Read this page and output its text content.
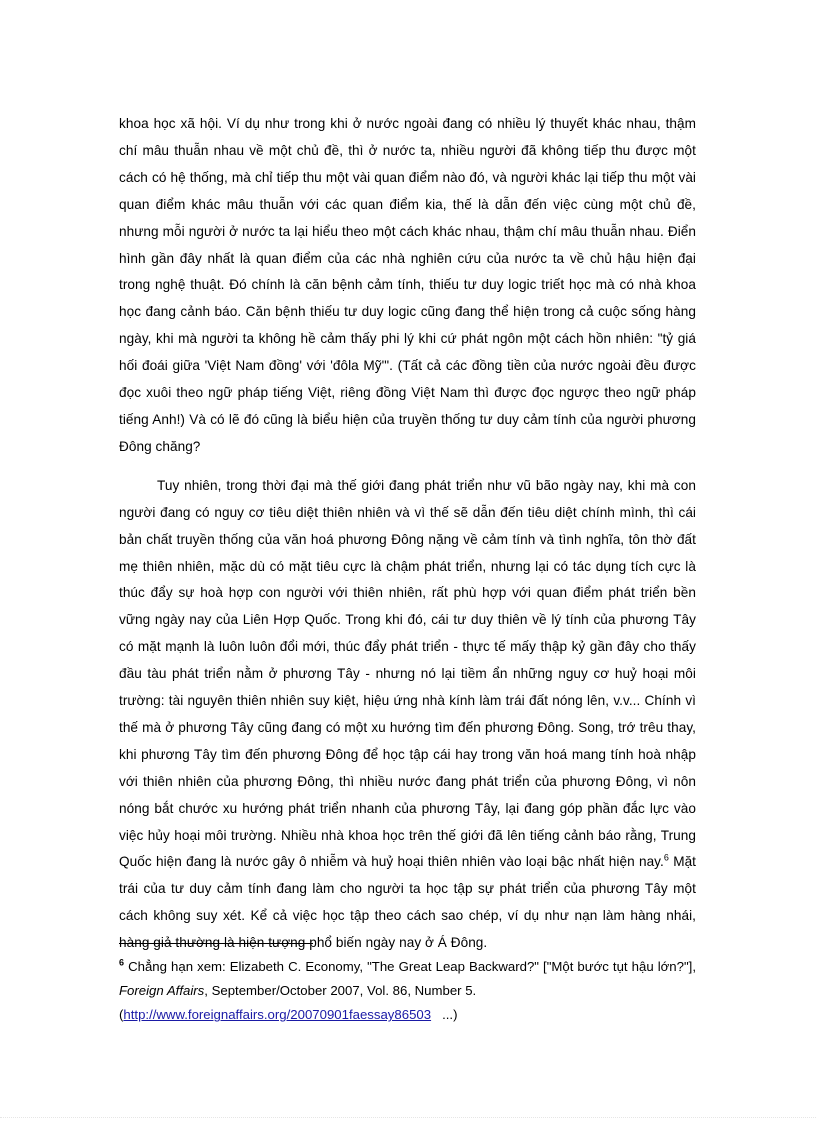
khoa học xã hội. Ví dụ như trong khi ở nước ngoài đang có nhiều lý thuyết khác nhau, thậm chí mâu thuẫn nhau về một chủ đề, thì ở nước ta, nhiều người đã không tiếp thu được một cách có hệ thống, mà chỉ tiếp thu một vài quan điểm nào đó, và người khác lại tiếp thu một vài quan điểm khác mâu thuẫn với các quan điểm kia, thế là dẫn đến việc cùng một chủ đề, nhưng mỗi người ở nước ta lại hiểu theo một cách khác nhau, thậm chí mâu thuẫn nhau. Điển hình gần đây nhất là quan điểm của các nhà nghiên cứu của nước ta về chủ hậu hiện đại trong nghệ thuật. Đó chính là căn bệnh cảm tính, thiếu tư duy logic triết học mà có nhà khoa học đang cảnh báo. Căn bệnh thiếu tư duy logic cũng đang thể hiện trong cả cuộc sống hàng ngày, khi mà người ta không hề cảm thấy phi lý khi cứ phát ngôn một cách hồn nhiên: "tỷ giá hối đoái giữa 'Việt Nam đồng' với 'đôla Mỹ'". (Tất cả các đồng tiền của nước ngoài đều được đọc xuôi theo ngữ pháp tiếng Việt, riêng đồng Việt Nam thì được đọc ngược theo ngữ pháp tiếng Anh!) Và có lẽ đó cũng là biểu hiện của truyền thống tư duy cảm tính của người phương Đông chăng?

Tuy nhiên, trong thời đại mà thế giới đang phát triển như vũ bão ngày nay, khi mà con người đang có nguy cơ tiêu diệt thiên nhiên và vì thế sẽ dẫn đến tiêu diệt chính mình, thì cái bản chất truyền thống của văn hoá phương Đông nặng về cảm tính và tình nghĩa, tôn thờ đất mẹ thiên nhiên, mặc dù có mặt tiêu cực là chậm phát triển, nhưng lại có tác dụng tích cực là thúc đẩy sự hoà hợp con người với thiên nhiên, rất phù hợp với quan điểm phát triển bền vững ngày nay của Liên Hợp Quốc. Trong khi đó, cái tư duy thiên về lý tính của phương Tây có mặt mạnh là luôn luôn đổi mới, thúc đẩy phát triển - thực tế mấy thập kỷ gần đây cho thấy đầu tàu phát triển nằm ở phương Tây - nhưng nó lại tiềm ẩn những nguy cơ huỷ hoại môi trường: tài nguyên thiên nhiên suy kiệt, hiệu ứng nhà kính làm trái đất nóng lên, v.v... Chính vì thế mà ở phương Tây cũng đang có một xu hướng tìm đến phương Đông. Song, trớ trêu thay, khi phương Tây tìm đến phương Đông để học tập cái hay trong văn hoá mang tính hoà nhập với thiên nhiên của phương Đông, thì nhiều nước đang phát triển của phương Đông, vì nôn nóng bắt chước xu hướng phát triển nhanh của phương Tây, lại đang góp phần đắc lực vào việc hủy hoại môi trường. Nhiều nhà khoa học trên thế giới đã lên tiếng cảnh báo rằng, Trung Quốc hiện đang là nước gây ô nhiễm và huỷ hoại thiên nhiên vào loại bậc nhất hiện nay.$^6$ Mặt trái của tư duy cảm tính đang làm cho người ta học tập sự phát triển của phương Tây một cách không suy xét. Kể cả việc học tập theo cách sao chép, ví dụ như nạn làm hàng nhái, hàng giả thường là hiện tượng phổ biến ngày nay ở Á Đông.

$^6$ Chẳng hạn xem: Elizabeth C. Economy, "The Great Leap Backward?" ["Một bước tụt hậu lớn?"], Foreign Affairs, September/October 2007, Vol. 86, Number 5.
(http://www.foreignaffairs.org/20070901faessay86503 ...)
